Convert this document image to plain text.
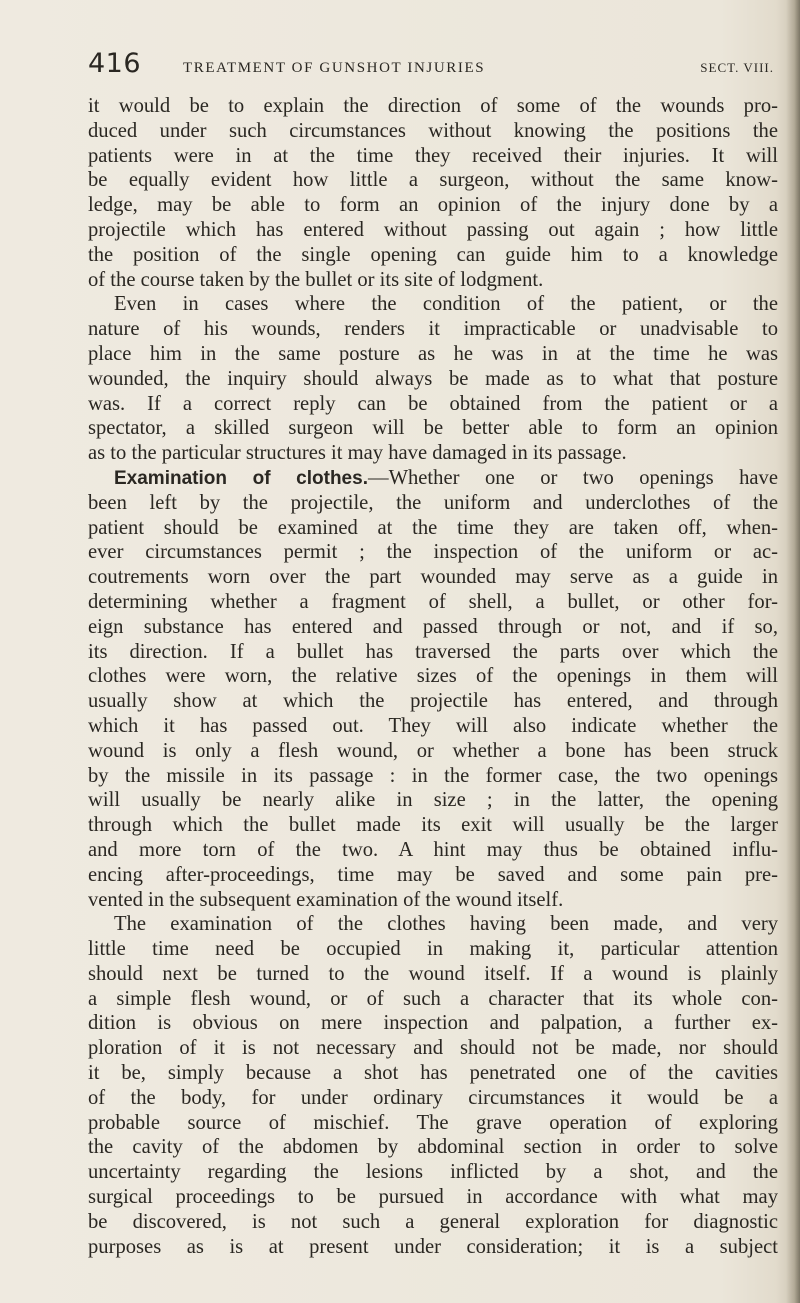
416	TREATMENT OF GUNSHOT INJURIES	SECT. VIII.
it would be to explain the direction of some of the wounds pro-
duced under such circumstances without knowing the positions the
patients were in at the time they received their injuries. It will
be equally evident how little a surgeon, without the same know-
ledge, may be able to form an opinion of the injury done by a
projectile which has entered without passing out again ; how little
the position of the single opening can guide him to a knowledge
of the course taken by the bullet or its site of lodgment.
Even in cases where the condition of the patient, or the
nature of his wounds, renders it impracticable or unadvisable to
place him in the same posture as he was in at the time he was
wounded, the inquiry should always be made as to what that posture
was. If a correct reply can be obtained from the patient or a
spectator, a skilled surgeon will be better able to form an opinion
as to the particular structures it may have damaged in its passage.
Examination of clothes.—Whether one or two openings have
been left by the projectile, the uniform and underclothes of the
patient should be examined at the time they are taken off, when-
ever circumstances permit ; the inspection of the uniform or ac-
coutrements worn over the part wounded may serve as a guide in
determining whether a fragment of shell, a bullet, or other for-
eign substance has entered and passed through or not, and if so,
its direction. If a bullet has traversed the parts over which the
clothes were worn, the relative sizes of the openings in them will
usually show at which the projectile has entered, and through
which it has passed out. They will also indicate whether the
wound is only a flesh wound, or whether a bone has been struck
by the missile in its passage : in the former case, the two openings
will usually be nearly alike in size ; in the latter, the opening
through which the bullet made its exit will usually be the larger
and more torn of the two. A hint may thus be obtained influ-
encing after-proceedings, time may be saved and some pain pre-
vented in the subsequent examination of the wound itself.
The examination of the clothes having been made, and very
little time need be occupied in making it, particular attention
should next be turned to the wound itself. If a wound is plainly
a simple flesh wound, or of such a character that its whole con-
dition is obvious on mere inspection and palpation, a further ex-
ploration of it is not necessary and should not be made, nor should
it be, simply because a shot has penetrated one of the cavities
of the body, for under ordinary circumstances it would be a
probable source of mischief. The grave operation of exploring
the cavity of the abdomen by abdominal section in order to solve
uncertainty regarding the lesions inflicted by a shot, and the
surgical proceedings to be pursued in accordance with what may
be discovered, is not such a general exploration for diagnostic
purposes as is at present under consideration; it is a subject
